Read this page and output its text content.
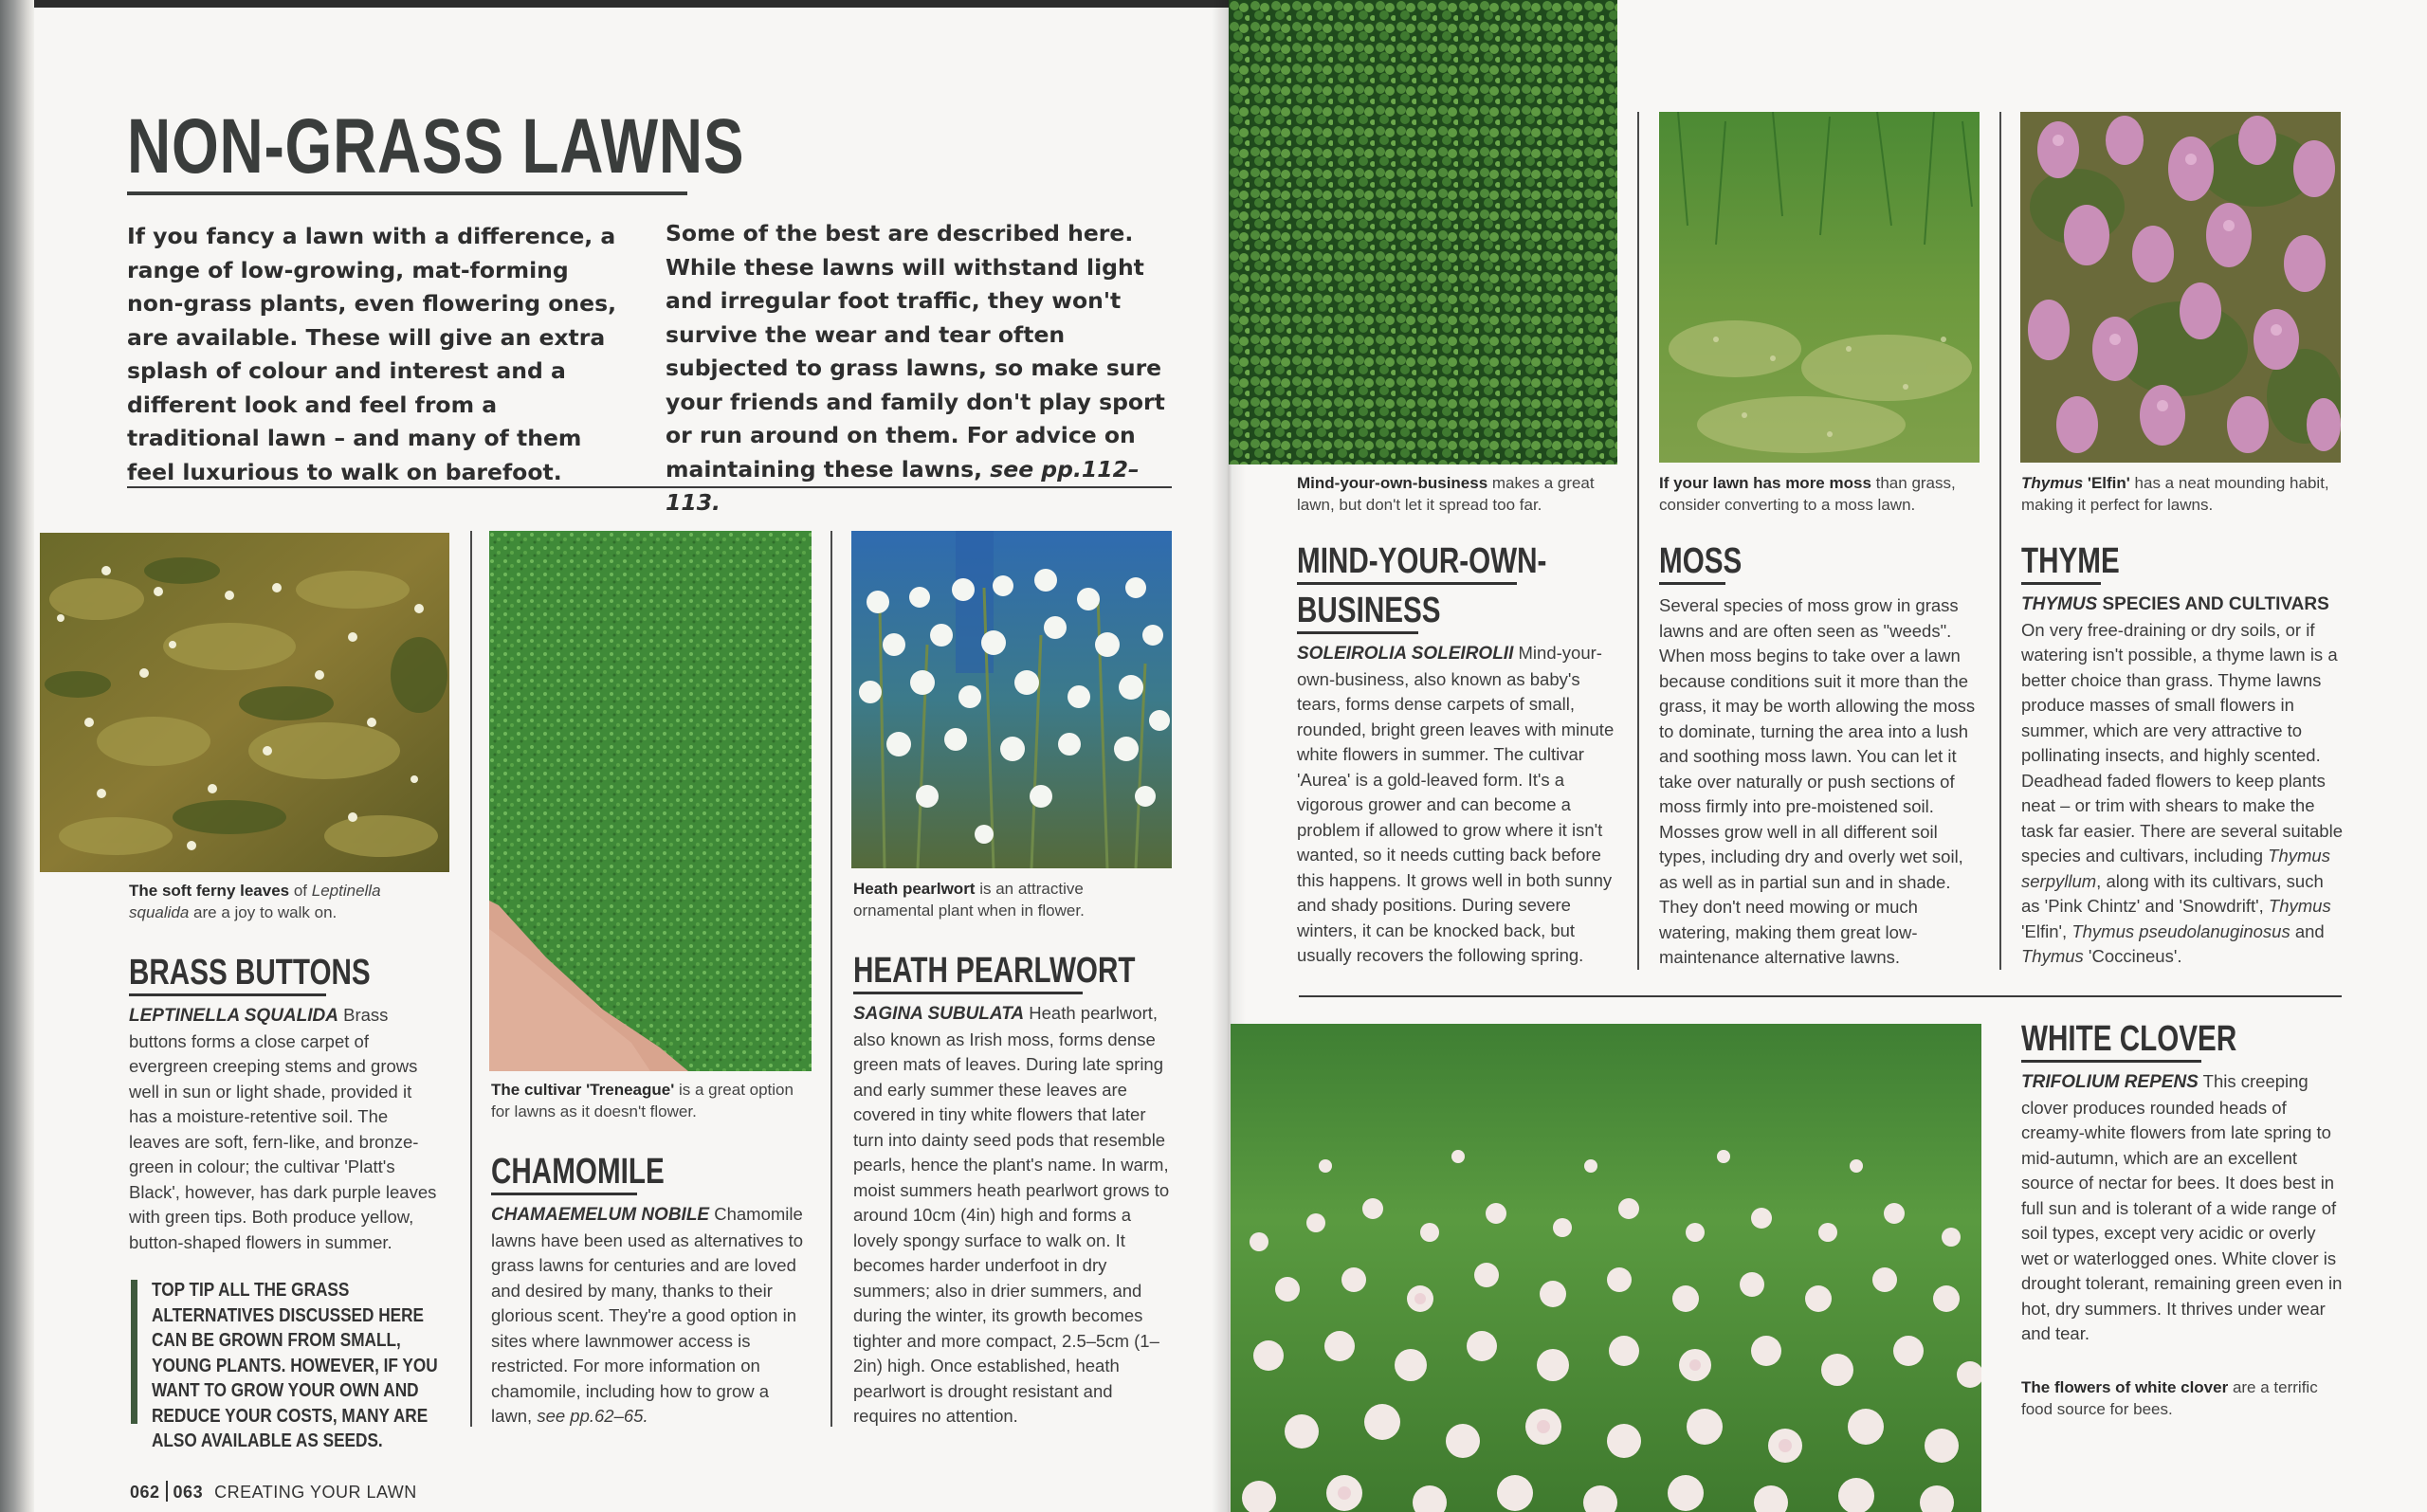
NON-GRASS LAWNS
If you fancy a lawn with a difference, a range of low-growing, mat-forming non-grass plants, even flowering ones, are available. These will give an extra splash of colour and interest and a different look and feel from a traditional lawn – and many of them feel luxurious to walk on barefoot.
Some of the best are described here. While these lawns will withstand light and irregular foot traffic, they won't survive the wear and tear often subjected to grass lawns, so make sure your friends and family don't play sport or run around on them. For advice on maintaining these lawns, see pp.112–113.
The soft ferny leaves of Leptinella squalida are a joy to walk on.
The cultivar 'Treneague' is a great option for lawns as it doesn't flower.
Heath pearlwort is an attractive ornamental plant when in flower.
BRASS BUTTONS
LEPTINELLA SQUALIDA Brass buttons forms a close carpet of evergreen creeping stems and grows well in sun or light shade, provided it has a moisture-retentive soil. The leaves are soft, fern-like, and bronze-green in colour; the cultivar 'Platt's Black', however, has dark purple leaves with green tips. Both produce yellow, button-shaped flowers in summer.
TOP TIP ALL THE GRASS ALTERNATIVES DISCUSSED HERE CAN BE GROWN FROM SMALL, YOUNG PLANTS. HOWEVER, IF YOU WANT TO GROW YOUR OWN AND REDUCE YOUR COSTS, MANY ARE ALSO AVAILABLE AS SEEDS.
CHAMOMILE
CHAMAEMELUM NOBILE Chamomile lawns have been used as alternatives to grass lawns for centuries and are loved and desired by many, thanks to their glorious scent. They're a good option in sites where lawnmower access is restricted. For more information on chamomile, including how to grow a lawn, see pp.62–65.
HEATH PEARLWORT
SAGINA SUBULATA Heath pearlwort, also known as Irish moss, forms dense green mats of leaves. During late spring and early summer these leaves are covered in tiny white flowers that later turn into dainty seed pods that resemble pearls, hence the plant's name. In warm, moist summers heath pearlwort grows to around 10cm (4in) high and forms a lovely spongy surface to walk on. It becomes harder underfoot in dry summers; also in drier summers, and during the winter, its growth becomes tighter and more compact, 2.5–5cm (1–2in) high. Once established, heath pearlwort is drought resistant and requires no attention.
062 063 CREATING YOUR LAWN
Mind-your-own-business makes a great lawn, but don't let it spread too far.
If your lawn has more moss than grass, consider converting to a moss lawn.
Thymus 'Elfin' has a neat mounding habit, making it perfect for lawns.
MIND-YOUR-OWN-
BUSINESS
SOLEIROLIA SOLEIROLII Mind-your-own-business, also known as baby's tears, forms dense carpets of small, rounded, bright green leaves with minute white flowers in summer. The cultivar 'Aurea' is a gold-leaved form. It's a vigorous grower and can become a problem if allowed to grow where it isn't wanted, so it needs cutting back before this happens. It grows well in both sunny and shady positions. During severe winters, it can be knocked back, but usually recovers the following spring.
MOSS
Several species of moss grow in grass lawns and are often seen as "weeds". When moss begins to take over a lawn because conditions suit it more than the grass, it may be worth allowing the moss to dominate, turning the area into a lush and soothing moss lawn. You can let it take over naturally or push sections of moss firmly into pre-moistened soil. Mosses grow well in all different soil types, including dry and overly wet soil, as well as in partial sun and in shade. They don't need mowing or much watering, making them great low-maintenance alternative lawns.
THYME
THYMUS SPECIES AND CULTIVARS On very free-draining or dry soils, or if watering isn't possible, a thyme lawn is a better choice than grass. Thyme lawns produce masses of small flowers in summer, which are very attractive to pollinating insects, and highly scented. Deadhead faded flowers to keep plants neat – or trim with shears to make the task far easier. There are several suitable species and cultivars, including Thymus serpyllum, along with its cultivars, such as 'Pink Chintz' and 'Snowdrift', Thymus 'Elfin', Thymus pseudolanuginosus and Thymus 'Coccineus'.
WHITE CLOVER
TRIFOLIUM REPENS This creeping clover produces rounded heads of creamy-white flowers from late spring to mid-autumn, which are an excellent source of nectar for bees. It does best in full sun and is tolerant of a wide range of soil types, except very acidic or overly wet or waterlogged ones. White clover is drought tolerant, remaining green even in hot, dry summers. It thrives under wear and tear.
The flowers of white clover are a terrific food source for bees.
